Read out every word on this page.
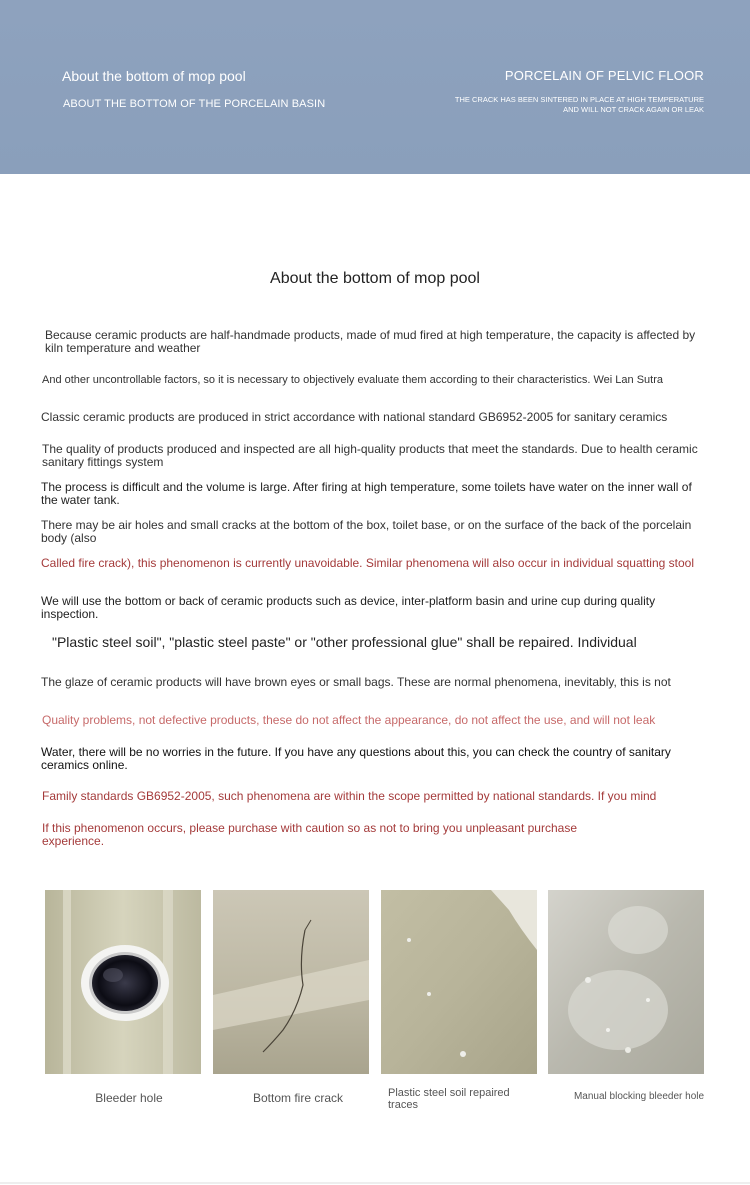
About the bottom of mop pool
ABOUT THE BOTTOM OF THE PORCELAIN BASIN
PORCELAIN OF PELVIC FLOOR
THE CRACK HAS BEEN SINTERED IN PLACE AT HIGH TEMPERATURE
AND WILL NOT CRACK AGAIN OR LEAK
About the bottom of mop pool
Because ceramic products are half-handmade products, made of mud fired at high temperature, the capacity is affected by kiln temperature and weather
And other uncontrollable factors, so it is necessary to objectively evaluate them according to their characteristics. Wei Lan Sutra
Classic ceramic products are produced in strict accordance with national standard GB6952-2005 for sanitary ceramics
The quality of products produced and inspected are all high-quality products that meet the standards. Due to health ceramic sanitary fittings system
The process is difficult and the volume is large. After firing at high temperature, some toilets have water on the inner wall of the water tank.
There may be air holes and small cracks at the bottom of the box, toilet base, or on the surface of the back of the porcelain body (also
Called fire crack), this phenomenon is currently unavoidable. Similar phenomena will also occur in individual squatting stool
We will use the bottom or back of ceramic products such as device, inter-platform basin and urine cup during quality inspection.
"Plastic steel soil", "plastic steel paste" or "other professional glue" shall be repaired. Individual
The glaze of ceramic products will have brown eyes or small bags. These are normal phenomena, inevitably, this is not
Quality problems, not defective products, these do not affect the appearance, do not affect the use, and will not leak
Water, there will be no worries in the future. If you have any questions about this, you can check the country of sanitary ceramics online.
Family standards GB6952-2005, such phenomena are within the scope permitted by national standards. If you mind
If this phenomenon occurs, please purchase with caution so as not to bring you unpleasant purchase experience.
Bleeder hole	Bottom fire crack	Plastic steel soil repaired traces
Manual blocking bleeder hole
